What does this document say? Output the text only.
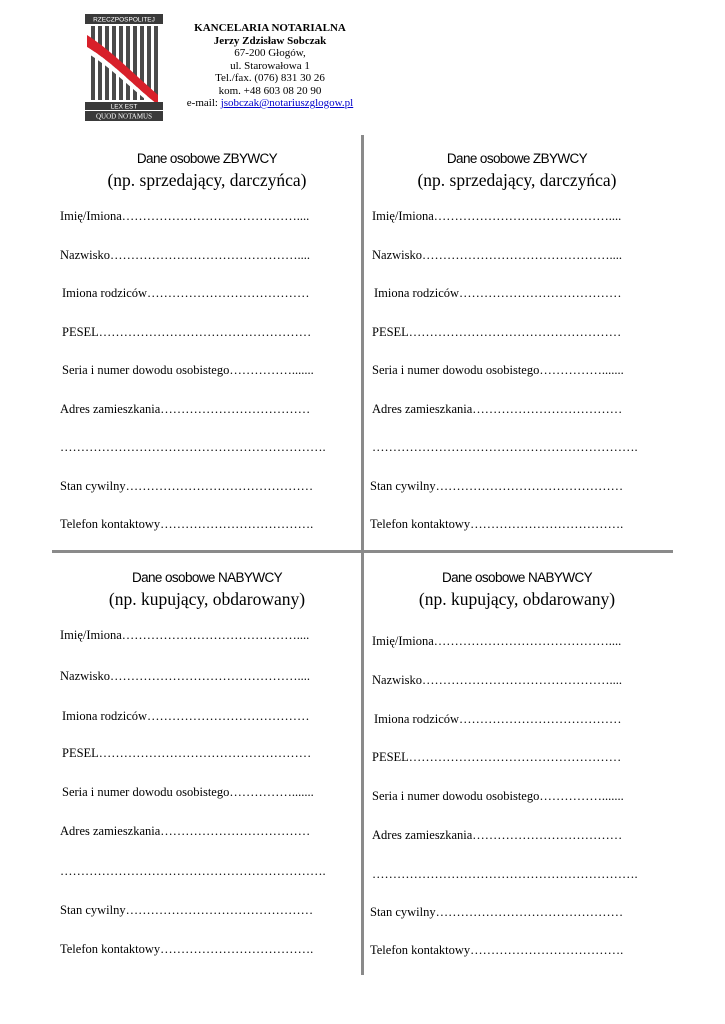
RZECZPOSPOLITEJ
LEX EST
QUOD NOTAMUS
KANCELARIA NOTARIALNA
Jerzy Zdzisław Sobczak
67-200 Głogów,
ul. Starowałowa 1
Tel./fax. (076) 831 30 26
kom. +48 603 08 20 90
e-mail: jsobczak@notariuszglogow.pl
Dane osobowe ZBYWCY
(np. sprzedający, darczyńca)
Imię/Imiona……………………………………....
Nazwisko………………………………………....
Imiona rodziców…………………………………
PESEL……………………………………………
Seria i numer dowodu osobistego…………….......
Adres zamieszkania………………………………
……………………………………………………….
Stan cywilny………………………………………
Telefon kontaktowy……………………………….
Dane osobowe ZBYWCY
(np. sprzedający, darczyńca)
Imię/Imiona……………………………………....
Nazwisko………………………………………....
Imiona rodziców…………………………………
PESEL……………………………………………
Seria i numer dowodu osobistego…………….......
Adres zamieszkania………………………………
……………………………………………………….
Stan cywilny………………………………………
Telefon kontaktowy……………………………….
Dane osobowe NABYWCY
(np. kupujący, obdarowany)
Imię/Imiona……………………………………....
Nazwisko………………………………………....
Imiona rodziców…………………………………
PESEL……………………………………………
Seria i numer dowodu osobistego…………….......
Adres zamieszkania………………………………
……………………………………………………….
Stan cywilny………………………………………
Telefon kontaktowy……………………………….
Dane osobowe NABYWCY
(np. kupujący, obdarowany)
Imię/Imiona……………………………………....
Nazwisko………………………………………....
Imiona rodziców…………………………………
PESEL……………………………………………
Seria i numer dowodu osobistego…………….......
Adres zamieszkania………………………………
……………………………………………………….
Stan cywilny………………………………………
Telefon kontaktowy……………………………….
